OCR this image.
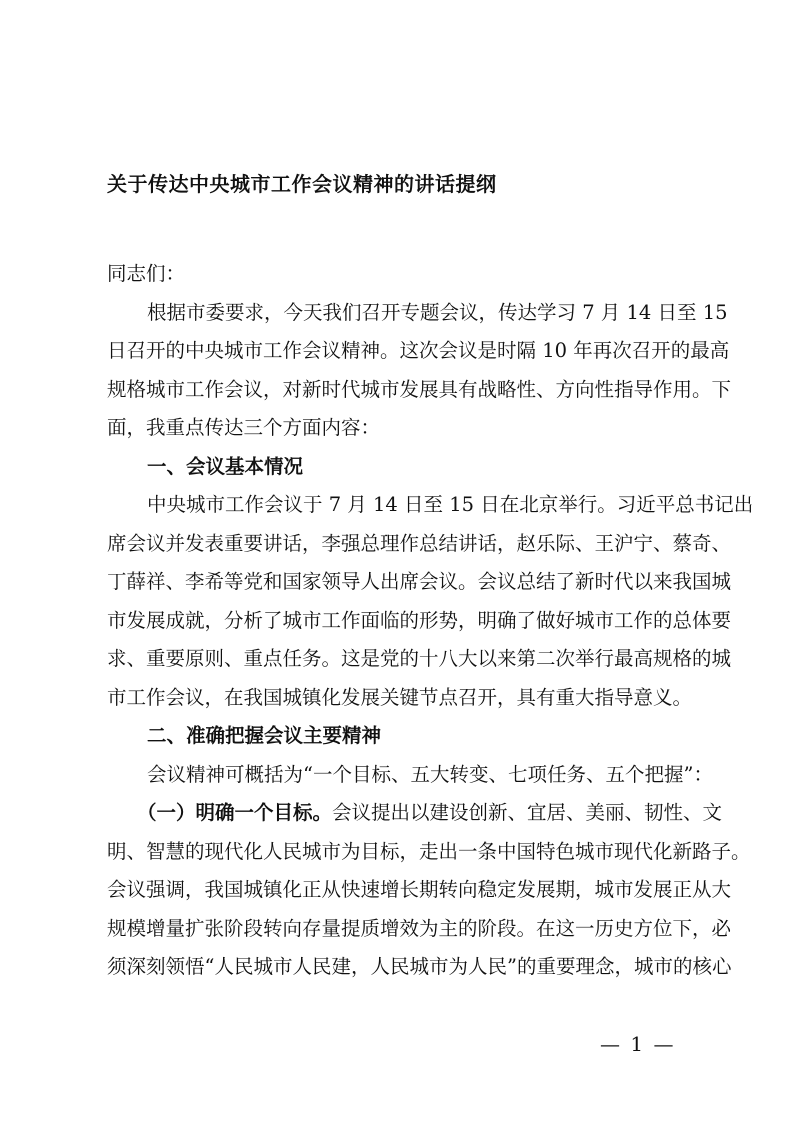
关于传达中央城市工作会议精神的讲话提纲
同志们：
根据市委要求，今天我们召开专题会议，传达学习 7 月 14 日至 15
日召开的中央城市工作会议精神。这次会议是时隔 10 年再次召开的最高
规格城市工作会议，对新时代城市发展具有战略性、方向性指导作用。下
面，我重点传达三个方面内容：
一、会议基本情况
中央城市工作会议于 7 月 14 日至 15 日在北京举行。习近平总书记出
席会议并发表重要讲话，李强总理作总结讲话，赵乐际、王沪宁、蔡奇、
丁薛祥、李希等党和国家领导人出席会议。会议总结了新时代以来我国城
市发展成就，分析了城市工作面临的形势，明确了做好城市工作的总体要
求、重要原则、重点任务。这是党的十八大以来第二次举行最高规格的城
市工作会议，在我国城镇化发展关键节点召开，具有重大指导意义。
二、准确把握会议主要精神
会议精神可概括为“一个目标、五大转变、七项任务、五个把握”：
（一）明确一个目标。会议提出以建设创新、宜居、美丽、韧性、文
明、智慧的现代化人民城市为目标，走出一条中国特色城市现代化新路子。
会议强调，我国城镇化正从快速增长期转向稳定发展期，城市发展正从大
规模增量扩张阶段转向存量提质增效为主的阶段。在这一历史方位下，必
须深刻领悟“人民城市人民建，人民城市为人民”的重要理念，城市的核心
— 1 —
